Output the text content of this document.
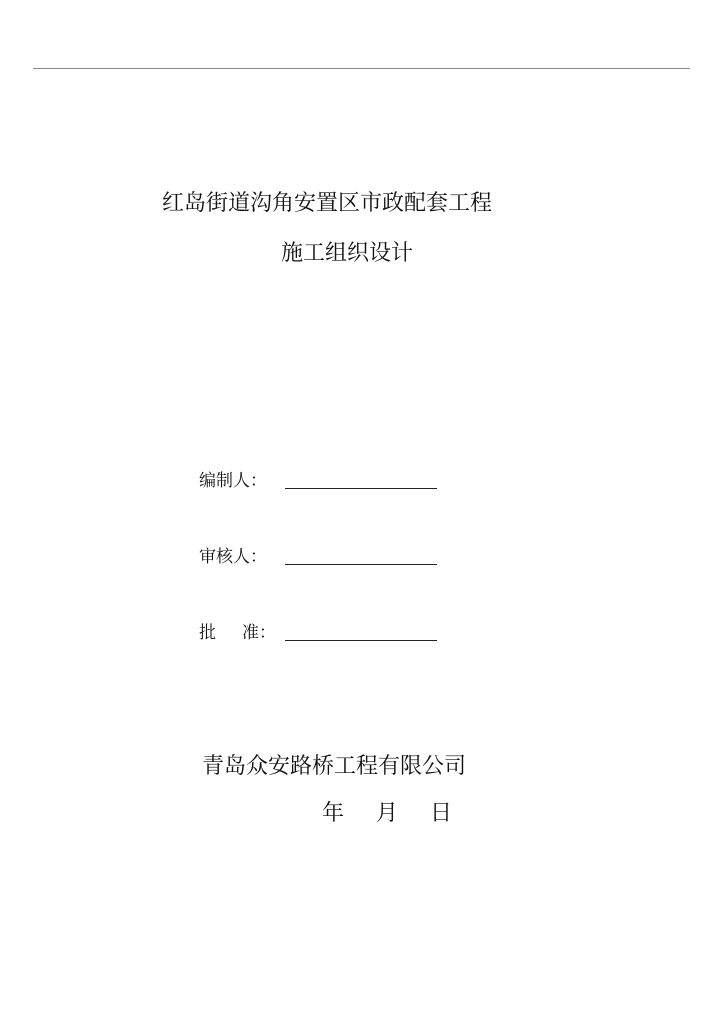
红岛街道沟角安置区市政配套工程
施工组织设计
编制人：
审核人：
批准：
青岛众安路桥工程有限公司
年 月 日
